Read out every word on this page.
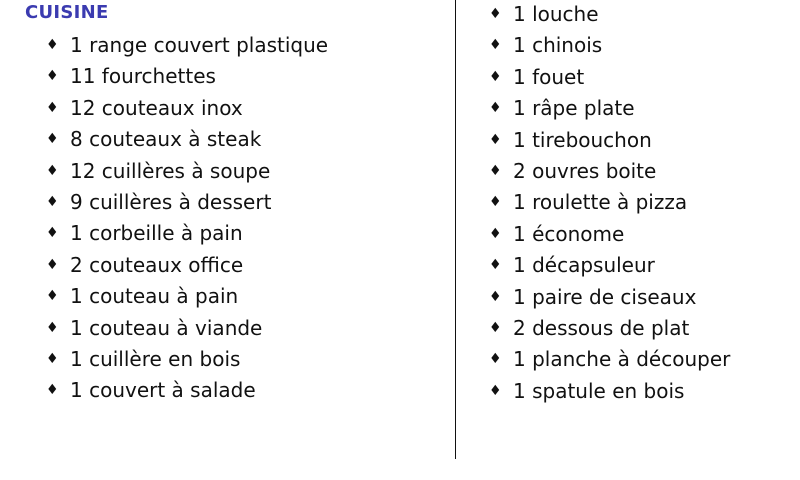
CUISINE
♦ 1 range couvert plastique
♦ 11 fourchettes
♦ 12 couteaux inox
♦ 8 couteaux à steak
♦ 12 cuillères à soupe
♦ 9 cuillères à dessert
♦ 1 corbeille à pain
♦ 2 couteaux office
♦ 1 couteau à pain
♦ 1 couteau à viande
♦ 1 cuillère en bois
♦ 1 couvert à salade
♦ 1 louche
♦ 1 chinois
♦ 1 fouet
♦ 1 râpe plate
♦ 1 tirebouchon
♦ 2 ouvres boite
♦ 1 roulette à pizza
♦ 1 économe
♦ 1 décapsuleur
♦ 1 paire de ciseaux
♦ 2 dessous de plat
♦ 1 planche à découper
♦ 1 spatule en bois
